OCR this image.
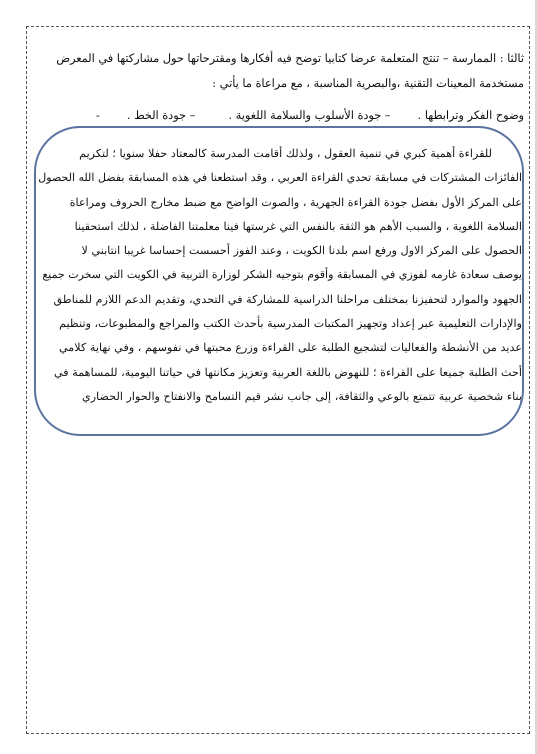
ثالثا : الممارسة – تنتج المتعلمة عرضا كتابيا توضح فيه أفكارها ومقترحاتها حول مشاركتها في المعرض
مستخدمة المعينات التقنية ،والبصرية المناسبة ، مع مراعاة ما يأتي :
وضوح الفكر وترابطها .  – جودة الأسلوب والسلامة اللغوية .  – جودة الخط .  -
للقراءة أهمية كبري في تنمية العقول ، ولذلك أقامت المدرسة كالمعتاد حفلا سنويا ؛ لتكريم
الفائزات المشتركات في مسابقة تحدي القراءة العربي ، وقد استطعنا في هذه المسابقة بفضل الله الحصول
على المركز الأول بفضل جودة القراءة الجهرية ، والصوت الواضح مع ضبط مخارج الحروف ومراعاة
السلامة اللغوية ، والسبب الأهم هو الثقة بالنفس التي غرستها فينا معلمتنا الفاضلة ، لذلك استحقينا
الحصول على المركز الاول ورفع اسم بلدنا الكويت ، وعند الفوز أحسست إحساسا غريبا انتابني لا
يوصف سعادة غارمه لفوزي في المسابقة وأقوم بتوجيه الشكر لوزارة التربية في الكويت التي سخرت جميع
الجهود والموارد لتحفيزنا بمختلف مراحلنا الدراسية للمشاركة في التحدي، وتقديم الدعم اللازم للمناطق
والإدارات التعليمية عبر إعداد وتجهيز المكتبات المدرسية بأحدث الكتب والمراجع والمطبوعات، وتنظيم
عديد من الأنشطة والفعاليات لتشجيع الطلبة على القراءة وزرع محبتها في نفوسهم ، وفي نهاية كلامي
أحث الطلبة جميعا على القراءة ؛ للنهوض باللغة العربية وتعزيز مكانتها في حياتنا اليومية، للمساهمة في
بناء شخصية عربية تتمتع بالوعي والثقافة، إلى جانب نشر قيم التسامح والانفتاح والحوار الحضاري
